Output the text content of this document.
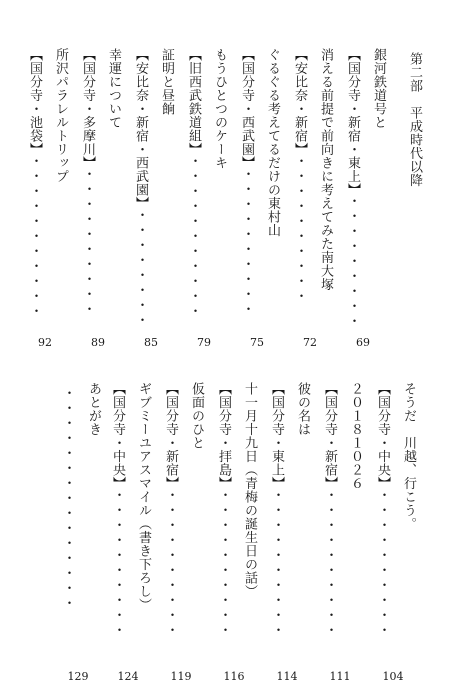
第二部　平成時代以降
銀河鉄道号と
【国分寺・新宿・東上】・・・・・・・・・
69
消える前提で前向きに考えてみた南大塚
【安比奈・新宿】・・・・・・・・・・
72
ぐるぐる考えてるだけの東村山
【国分寺・西武園】・・・・・・・・・・
75
もうひとつのケーキ
【旧西武鉄道組】・・・・・・・・・・・
79
証明と昼餉
【安比奈・新宿・西武園】・・・・・・・・
85
幸運について
【国分寺・多摩川】・・・・・・・・・・
89
所沢パラレルトリップ
【国分寺・池袋】・・・・・・・・・・・
92
そうだ　川越、行こう。
【国分寺・中央】・・・・・・・・・・
104
２０１８１０２６
【国分寺・新宿】・・・・・・・・・・
111
彼の名は
【国分寺・東上】・・・・・・・・・・
114
十一月十九日（青梅の誕生日の話）
【国分寺・拝島】・・・・・・・・・・
116
仮面のひと
【国分寺・新宿】・・・・・・・・・・
119
ギブミーユアスマイル（書き下ろし）
【国分寺・中央】・・・・・・・・・・
124
あとがき
・・・・・・・・・・・・・・・
129
